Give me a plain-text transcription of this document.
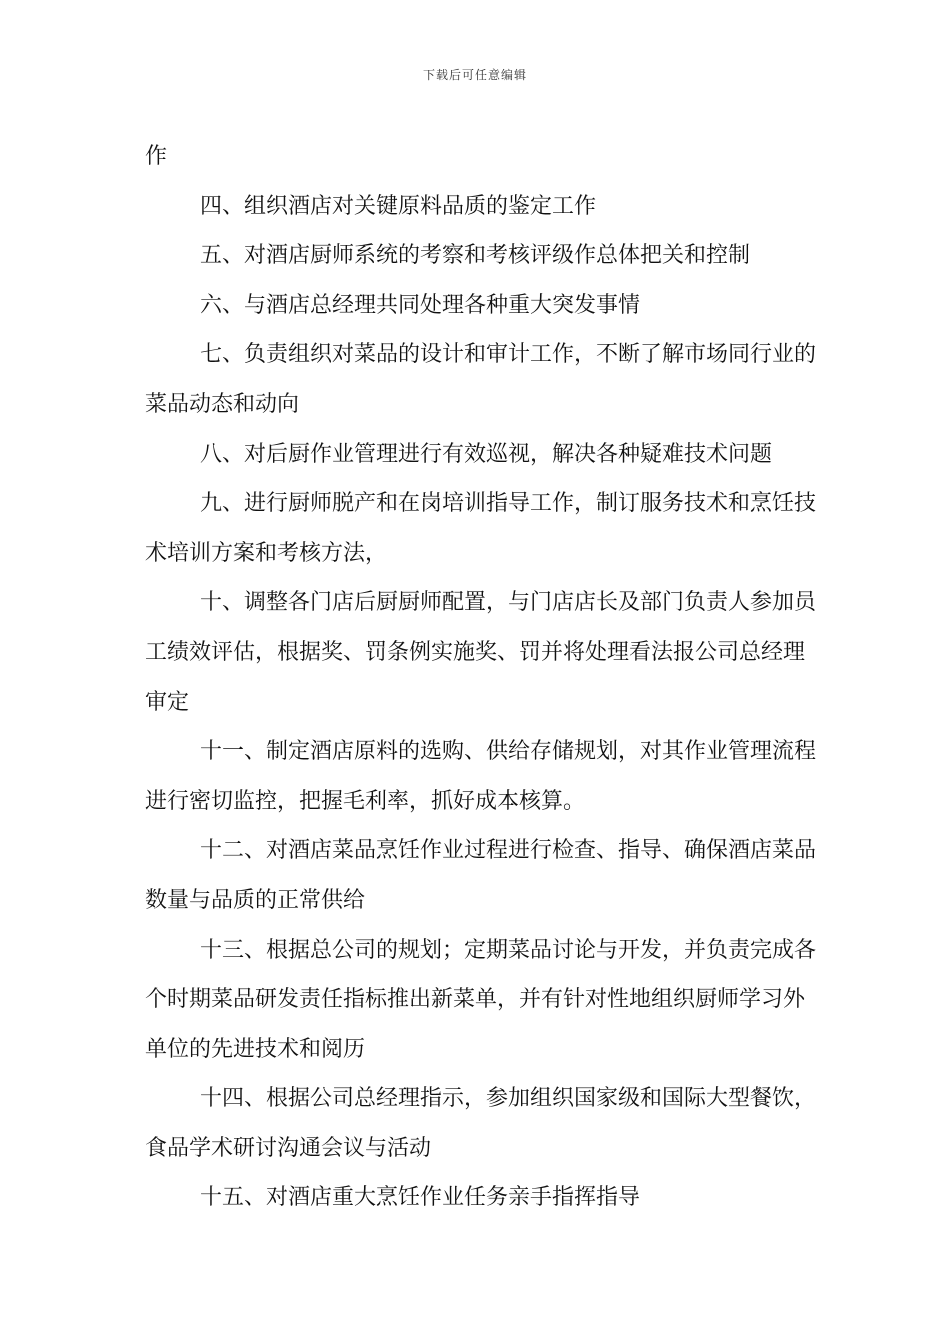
下载后可任意编辑

作

四、组织酒店对关键原料品质的鉴定工作

五、对酒店厨师系统的考察和考核评级作总体把关和控制

六、与酒店总经理共同处理各种重大突发事情

七、负责组织对菜品的设计和审计工作，不断了解市场同行业的菜品动态和动向

八、对后厨作业管理进行有效巡视，解决各种疑难技术问题

九、进行厨师脱产和在岗培训指导工作，制订服务技术和烹饪技术培训方案和考核方法，

十、调整各门店后厨厨师配置，与门店店长及部门负责人参加员工绩效评估，根据奖、罚条例实施奖、罚并将处理看法报公司总经理审定

十一、制定酒店原料的选购、供给存储规划，对其作业管理流程进行密切监控，把握毛利率，抓好成本核算。

十二、对酒店菜品烹饪作业过程进行检查、指导、确保酒店菜品数量与品质的正常供给

十三、根据总公司的规划；定期菜品讨论与开发，并负责完成各个时期菜品研发责任指标推出新菜单，并有针对性地组织厨师学习外单位的先进技术和阅历

十四、根据公司总经理指示，参加组织国家级和国际大型餐饮，食品学术研讨沟通会议与活动

十五、对酒店重大烹饪作业任务亲手指挥指导
